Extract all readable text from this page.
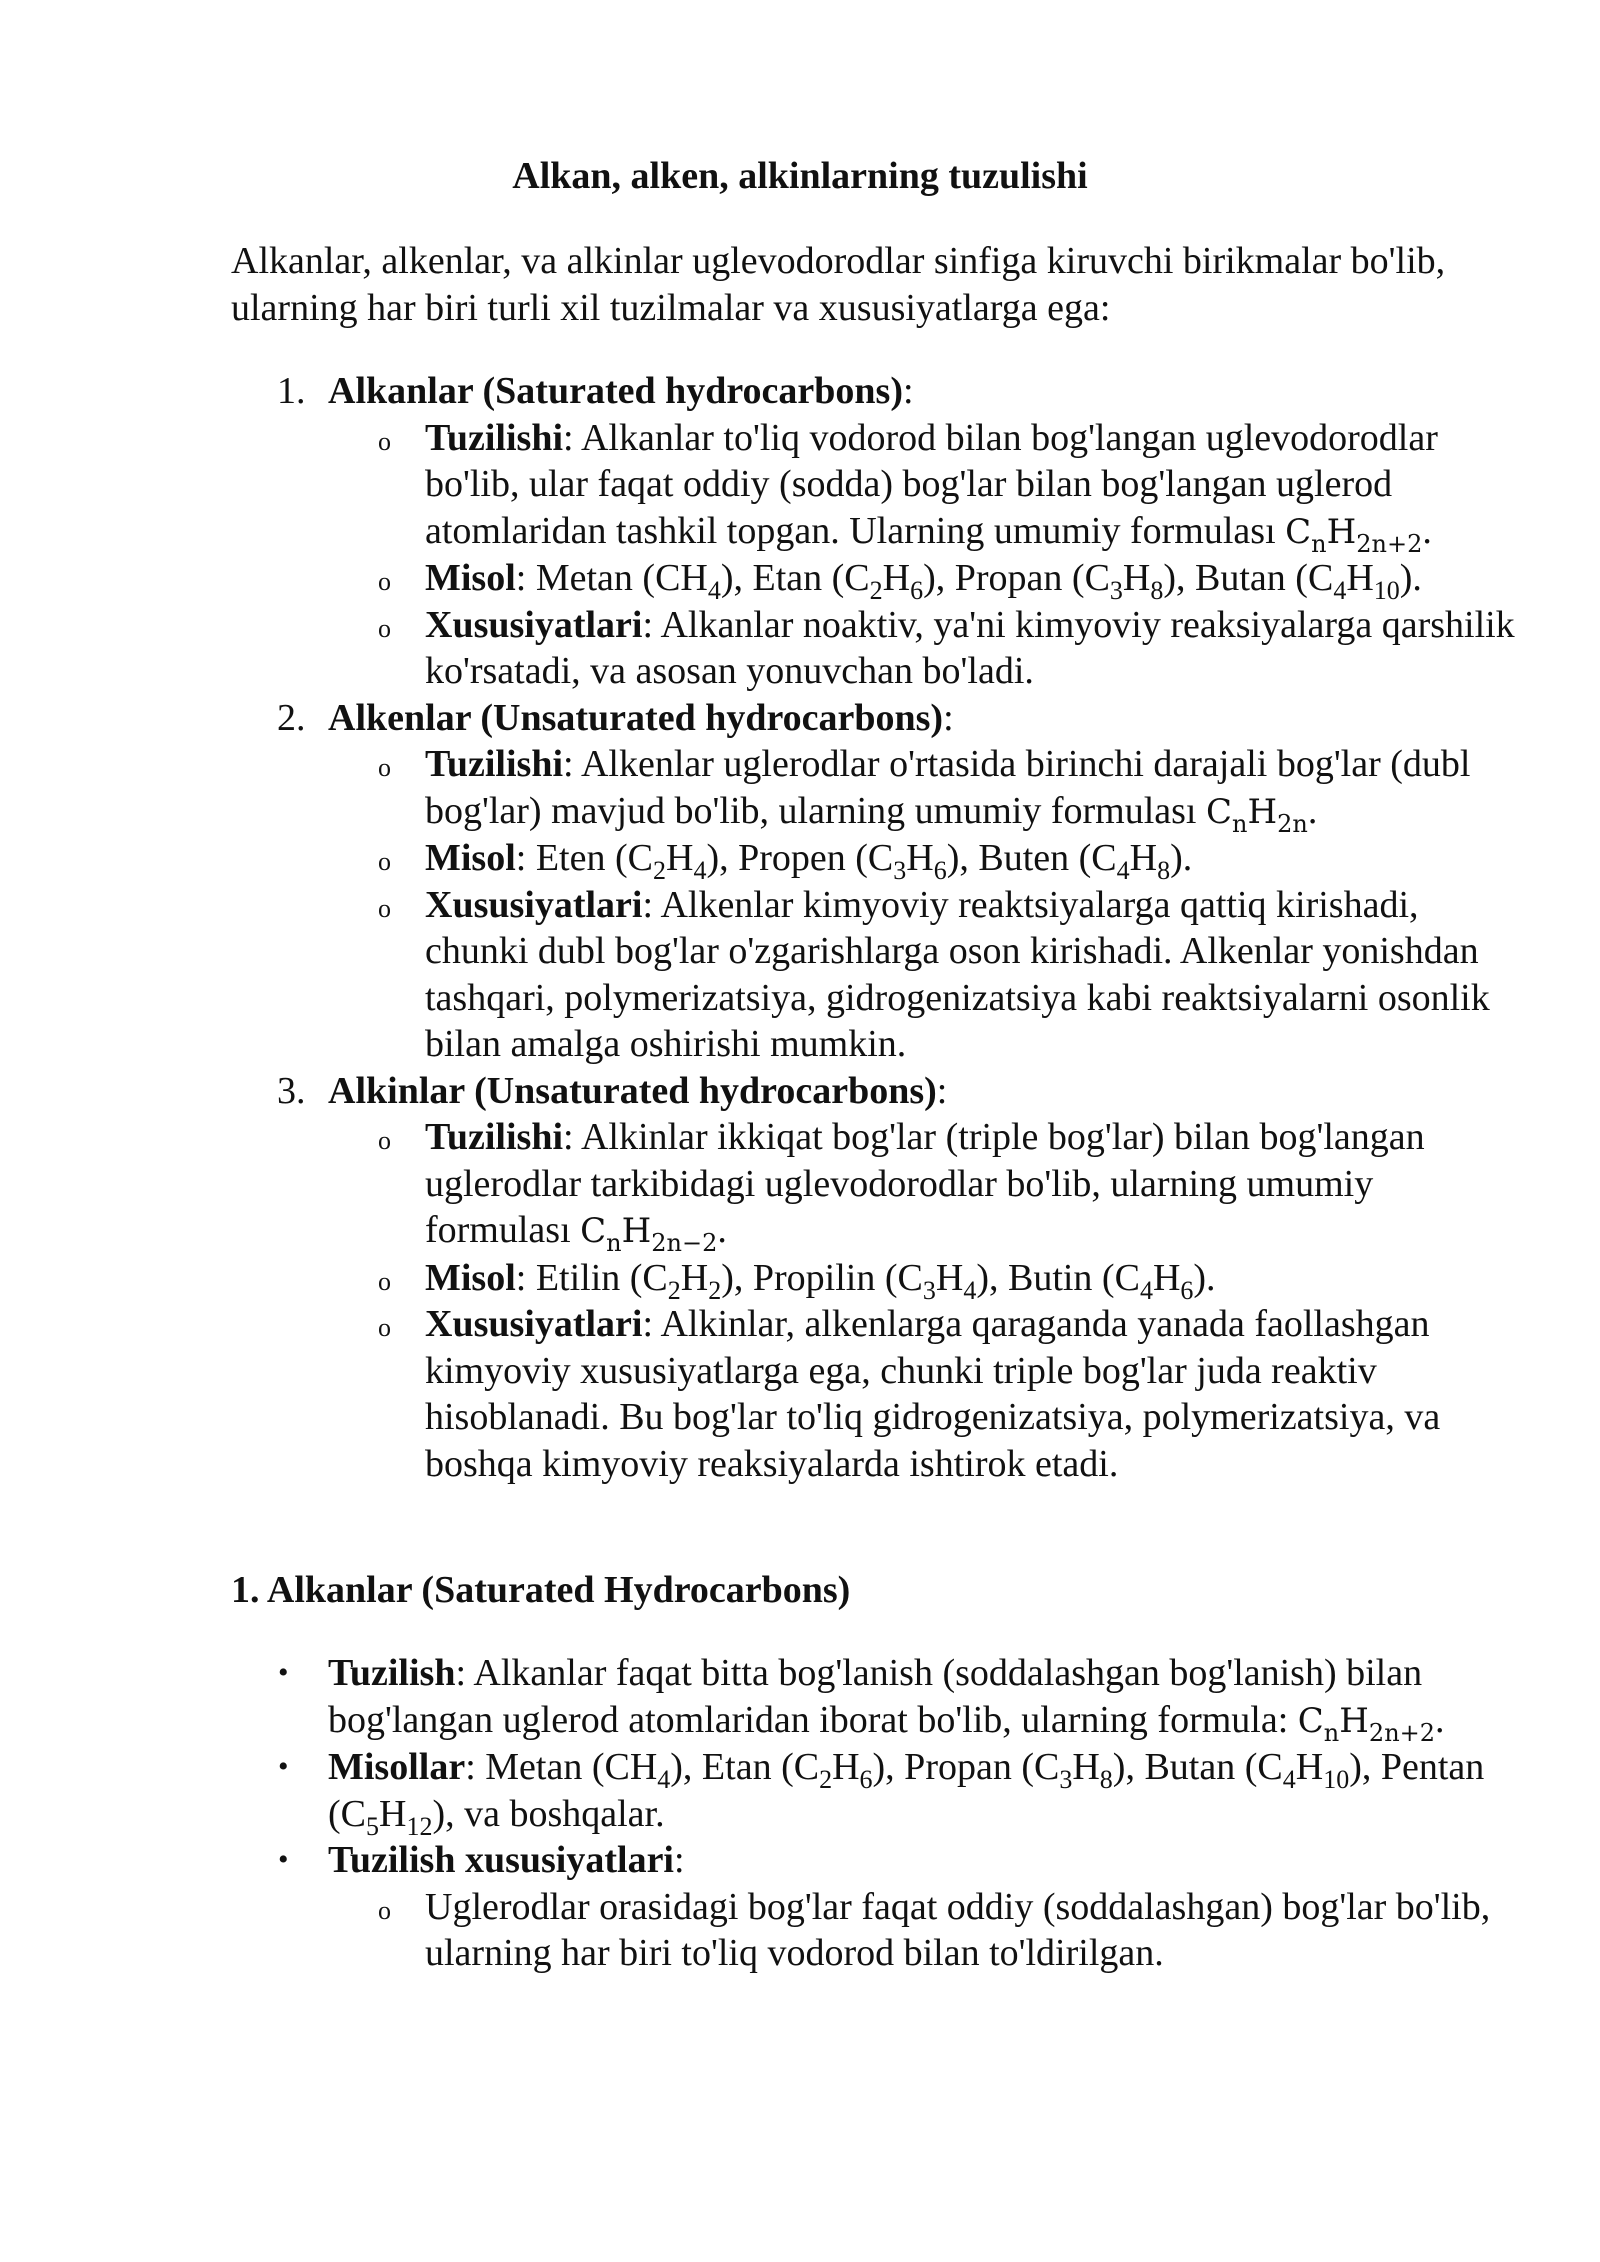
Alkan, alken, alkinlarning tuzulishi

Alkanlar, alkenlar, va alkinlar uglevodorodlar sinfiga kiruvchi birikmalar bo'lib, ularning har biri turli xil tuzilmalar va xususiyatlarga ega:

1. Alkanlar (Saturated hydrocarbons):
o Tuzilishi: Alkanlar to'liq vodorod bilan bog'langan uglevodorodlar bo'lib, ular faqat oddiy (sodda) bog'lar bilan bog'langan uglerod atomlaridan tashkil topgan. Ularning umumiy formulası $C_nH_{2n+2}$.
o Misol: Metan $(CH_4)$, Etan $(C_2H_6)$, Propan $(C_3H_8)$, Butan $(C_4H_{10})$.
o Xususiyatlari: Alkanlar noaktiv, ya'ni kimyoviy reaksiyalarga qarshilik ko'rsatadi, va asosan yonuvchan bo'ladi.
2. Alkenlar (Unsaturated hydrocarbons):
o Tuzilishi: Alkenlar uglerodlar o'rtasida birinchi darajali bog'lar (dubl bog'lar) mavjud bo'lib, ularning umumiy formulası $C_nH_{2n}$.
o Misol: Eten $(C_2H_4)$, Propen $(C_3H_6)$, Buten $(C_4H_8)$.
o Xususiyatlari: Alkenlar kimyoviy reaktsiyalarga qattiq kirishadi, chunki dubl bog'lar o'zgarishlarga oson kirishadi. Alkenlar yonishdan tashqari, polymerizatsiya, gidrogenizatsiya kabi reaktsiyalarni osonlik bilan amalga oshirishi mumkin.
3. Alkinlar (Unsaturated hydrocarbons):
o Tuzilishi: Alkinlar ikkiqat bog'lar (triple bog'lar) bilan bog'langan uglerodlar tarkibidagi uglevodorodlar bo'lib, ularning umumiy formulası $C_nH_{2n-2}$.
o Misol: Etilin $(C_2H_2)$, Propilin $(C_3H_4)$, Butin $(C_4H_6)$.
o Xususiyatlari: Alkinlar, alkenlarga qaraganda yanada faollashgan kimyoviy xususiyatlarga ega, chunki triple bog'lar juda reaktiv hisoblanadi. Bu bog'lar to'liq gidrogenizatsiya, polymerizatsiya, va boshqa kimyoviy reaksiyalarda ishtirok etadi.
1. Alkanlar (Saturated Hydrocarbons)
• Tuzilish: Alkanlar faqat bitta bog'lanish (soddalashgan bog'lanish) bilan bog'langan uglerod atomlaridan iborat bo'lib, ularning formula: $C_nH_{2n+2}$.
• Misollar: Metan $(CH_4)$, Etan $(C_2H_6)$, Propan $(C_3H_8)$, Butan $(C_4H_{10})$, Pentan $(C_5H_{12})$, va boshqalar.
• Tuzilish xususiyatlari:
o Uglerodlar orasidagi bog'lar faqat oddiy (soddalashgan) bog'lar bo'lib, ularning har biri to'liq vodorod bilan to'ldirilgan.
